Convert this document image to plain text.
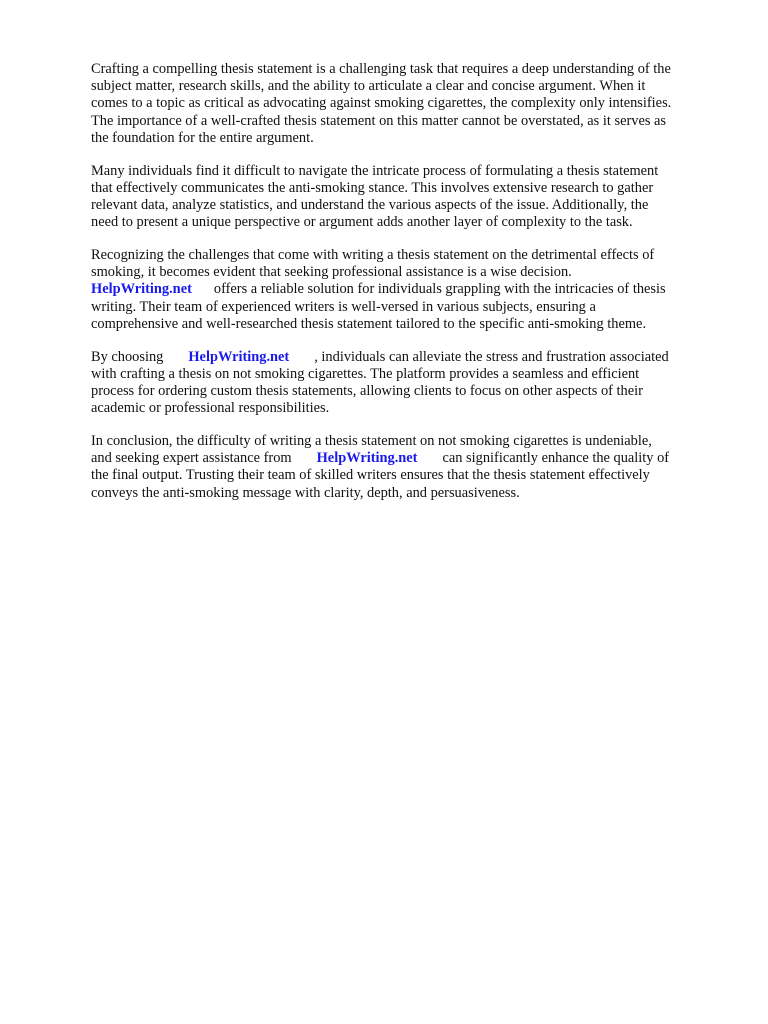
Crafting a compelling thesis statement is a challenging task that requires a deep understanding of the
subject matter, research skills, and the ability to articulate a clear and concise argument. When it
comes to a topic as critical as advocating against smoking cigarettes, the complexity only intensifies.
The importance of a well-crafted thesis statement on this matter cannot be overstated, as it serves as
the foundation for the entire argument.

Many individuals find it difficult to navigate the intricate process of formulating a thesis statement
that effectively communicates the anti-smoking stance. This involves extensive research to gather
relevant data, analyze statistics, and understand the various aspects of the issue. Additionally, the
need to present a unique perspective or argument adds another layer of complexity to the task.

Recognizing the challenges that come with writing a thesis statement on the detrimental effects of
smoking, it becomes evident that seeking professional assistance is a wise decision.
HelpWriting.net offers a reliable solution for individuals grappling with the intricacies of thesis
writing. Their team of experienced writers is well-versed in various subjects, ensuring a
comprehensive and well-researched thesis statement tailored to the specific anti-smoking theme.

By choosing HelpWriting.net , individuals can alleviate the stress and frustration associated
with crafting a thesis on not smoking cigarettes. The platform provides a seamless and efficient
process for ordering custom thesis statements, allowing clients to focus on other aspects of their
academic or professional responsibilities.

In conclusion, the difficulty of writing a thesis statement on not smoking cigarettes is undeniable,
and seeking expert assistance from HelpWriting.net can significantly enhance the quality of
the final output. Trusting their team of skilled writers ensures that the thesis statement effectively
conveys the anti-smoking message with clarity, depth, and persuasiveness.
